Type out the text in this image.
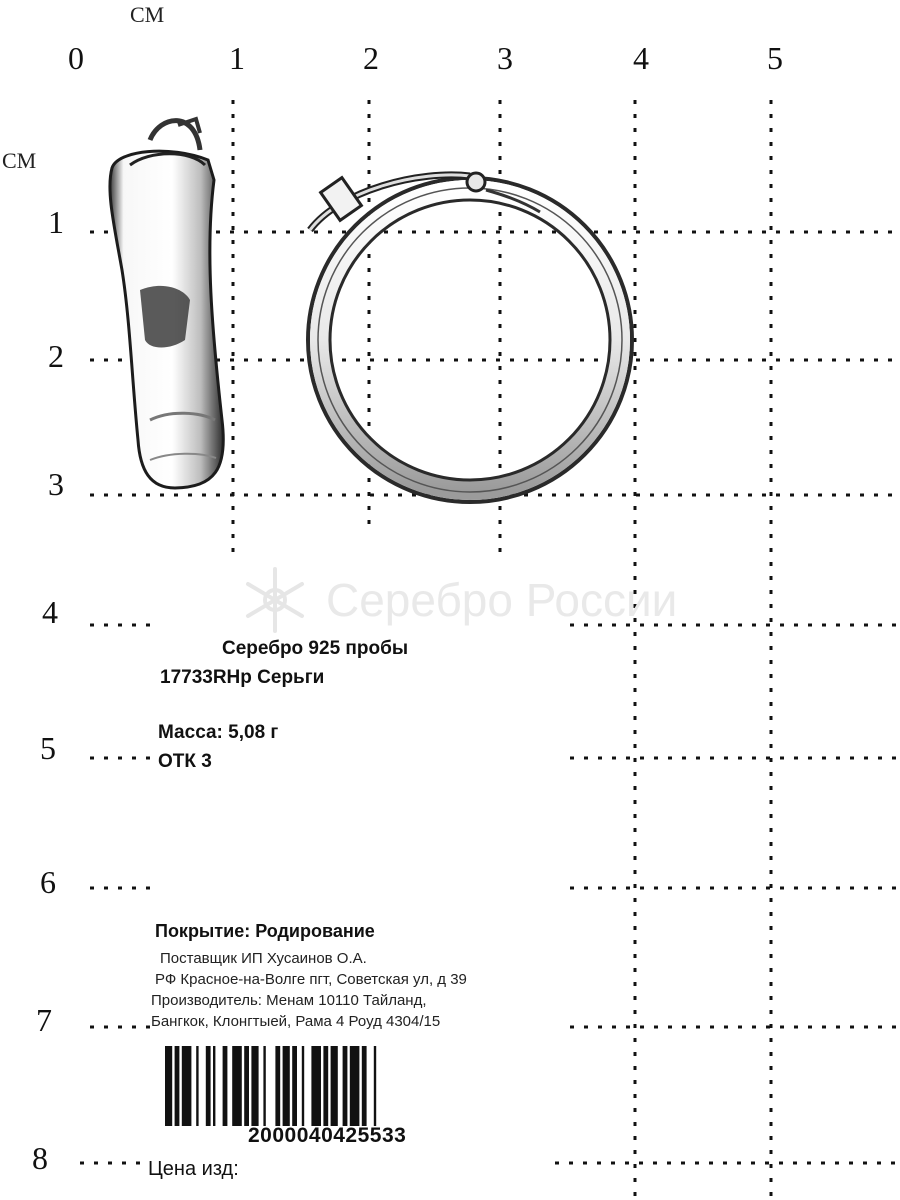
СМ
СМ
0	1	2	3	4	5
1
2
3
4
5
6
7
8
Серебро России
Серебро 925 пробы
17733RHp Серьги
Масса: 5,08 г
ОТК 3
Покрытие: Родирование
Поставщик ИП Хусаинов О.А.
РФ Красное-на-Волге пгт, Советская ул, д 39
Производитель: Менам 10110 Тайланд,
Бангкок, Клонгтыей, Рама 4 Роуд 4304/15
2000040425533
Цена изд:
